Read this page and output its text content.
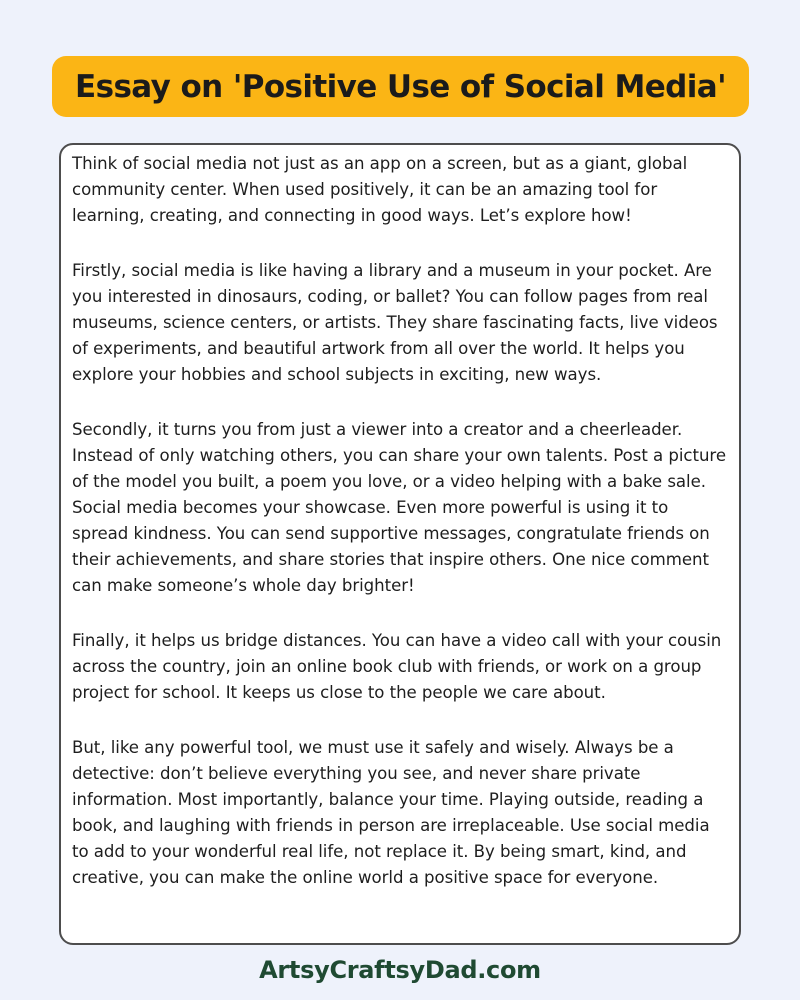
Essay on 'Positive Use of Social Media'

Think of social media not just as an app on a screen, but as a giant, global community center. When used positively, it can be an amazing tool for learning, creating, and connecting in good ways. Let’s explore how!

Firstly, social media is like having a library and a museum in your pocket. Are you interested in dinosaurs, coding, or ballet? You can follow pages from real museums, science centers, or artists. They share fascinating facts, live videos of experiments, and beautiful artwork from all over the world. It helps you explore your hobbies and school subjects in exciting, new ways.

Secondly, it turns you from just a viewer into a creator and a cheerleader. Instead of only watching others, you can share your own talents. Post a picture of the model you built, a poem you love, or a video helping with a bake sale. Social media becomes your showcase. Even more powerful is using it to spread kindness. You can send supportive messages, congratulate friends on their achievements, and share stories that inspire others. One nice comment can make someone’s whole day brighter!

Finally, it helps us bridge distances. You can have a video call with your cousin across the country, join an online book club with friends, or work on a group project for school. It keeps us close to the people we care about.

But, like any powerful tool, we must use it safely and wisely. Always be a detective: don’t believe everything you see, and never share private information. Most importantly, balance your time. Playing outside, reading a book, and laughing with friends in person are irreplaceable. Use social media to add to your wonderful real life, not replace it. By being smart, kind, and creative, you can make the online world a positive space for everyone.

ArtsyCraftsyDad.com
